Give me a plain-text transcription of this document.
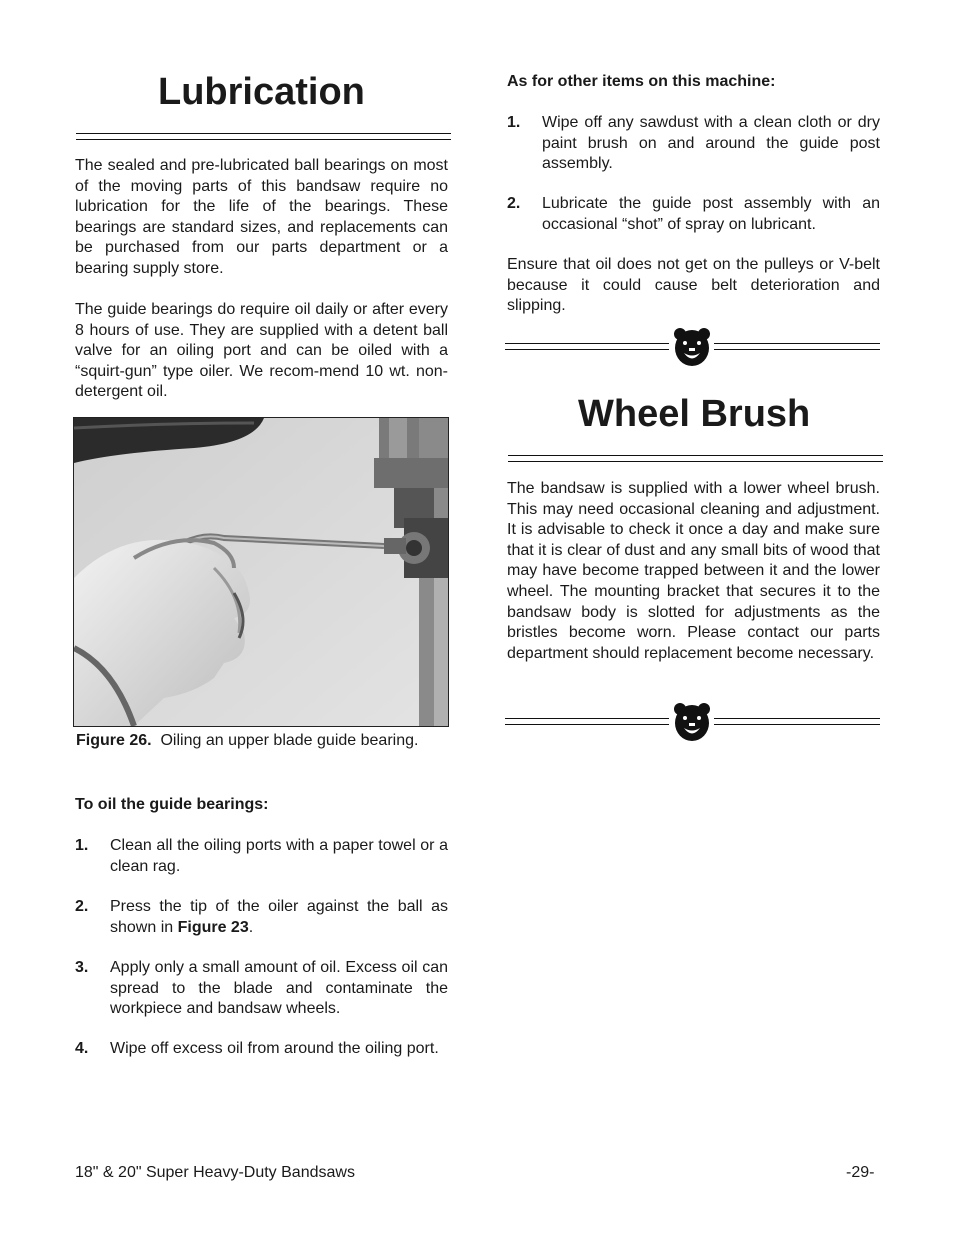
Lubrication

The sealed and pre-lubricated ball bearings on most of the moving parts of this bandsaw require no lubrication for the life of the bearings. These bearings are standard sizes, and replacements can be purchased from our parts department or a bearing supply store.

The guide bearings do require oil daily or after every 8 hours of use. They are supplied with a detent ball valve for an oiling port and can be oiled with a “squirt-gun” type oiler. We recom-mend 10 wt. non-detergent oil.

Figure 26. Oiling an upper blade guide bearing.
To oil the guide bearings:
1. Clean all the oiling ports with a paper towel or a clean rag.
2. Press the tip of the oiler against the ball as shown in Figure 23.
3. Apply only a small amount of oil. Excess oil can spread to the blade and contaminate the workpiece and bandsaw wheels.
4. Wipe off excess oil from around the oiling port.
As for other items on this machine:
1. Wipe off any sawdust with a clean cloth or dry paint brush on and around the guide post assembly.
2. Lubricate the guide post assembly with an occasional “shot” of spray on lubricant.

Ensure that oil does not get on the pulleys or V-belt because it could cause belt deterioration and slipping.

Wheel Brush

The bandsaw is supplied with a lower wheel brush. This may need occasional cleaning and adjustment. It is advisable to check it once a day and make sure that it is clear of dust and any small bits of wood that may have become trapped between it and the lower wheel. The mounting bracket that secures it to the bandsaw body is slotted for adjustments as the bristles become worn. Please contact our parts department should replacement become necessary.

18" & 20" Super Heavy-Duty Bandsaws	-29-
